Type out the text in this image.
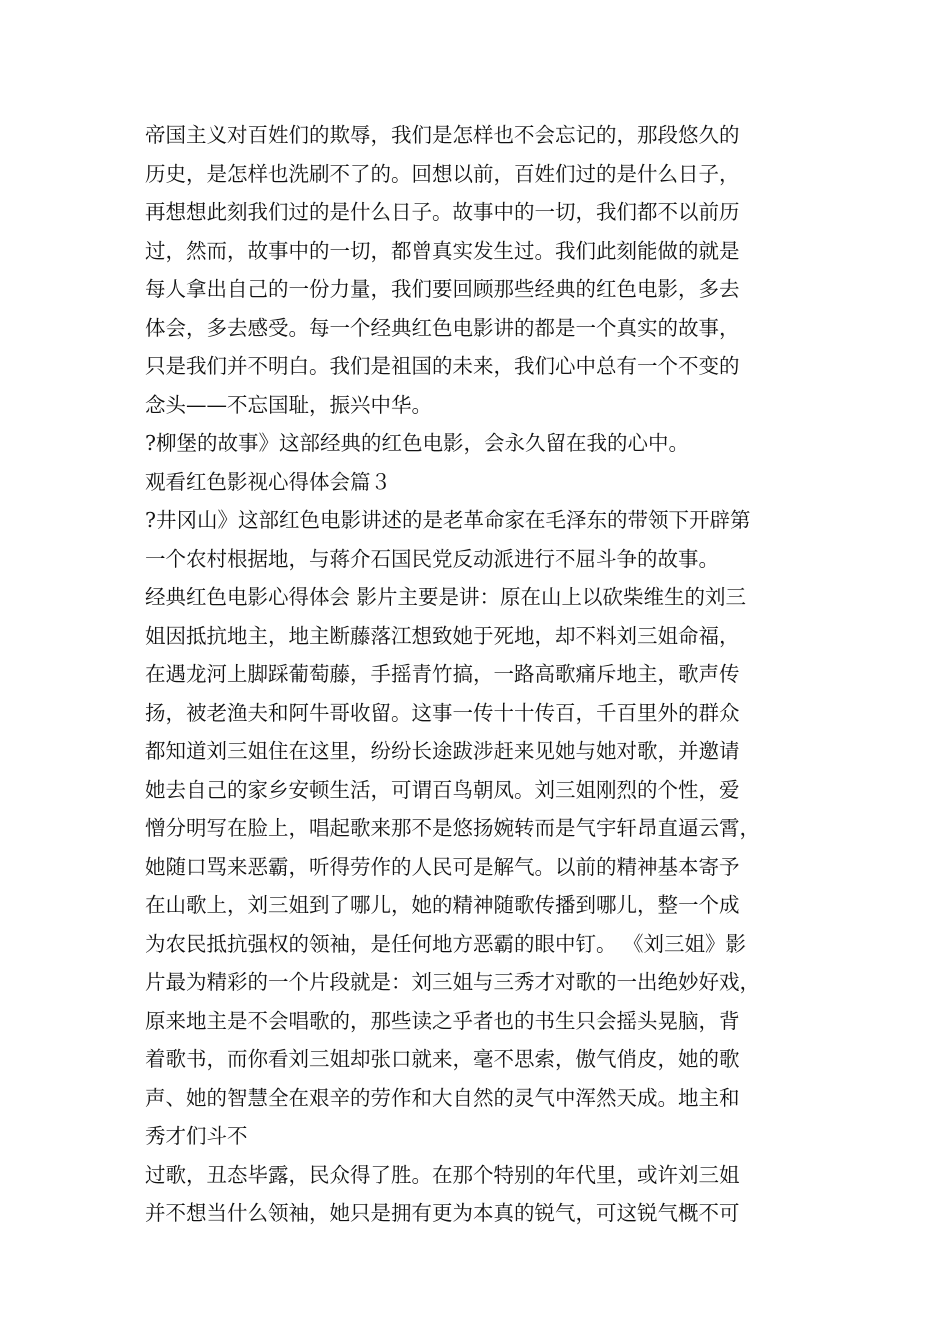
帝国主义对百姓们的欺辱，我们是怎样也不会忘记的，那段悠久的
历史，是怎样也洗刷不了的。回想以前，百姓们过的是什么日子，
再想想此刻我们过的是什么日子。故事中的一切，我们都不以前历
过，然而，故事中的一切，都曾真实发生过。我们此刻能做的就是
每人拿出自己的一份力量，我们要回顾那些经典的红色电影，多去
体会，多去感受。每一个经典红色电影讲的都是一个真实的故事，
只是我们并不明白。我们是祖国的未来，我们心中总有一个不变的
念头——不忘国耻，振兴中华。
?柳堡的故事》这部经典的红色电影，会永久留在我的心中。
观看红色影视心得体会篇３
?井冈山》这部红色电影讲述的是老革命家在毛泽东的带领下开辟第
一个农村根据地，与蒋介石国民党反动派进行不屈斗争的故事。
经典红色电影心得体会 影片主要是讲：原在山上以砍柴维生的刘三
姐因抵抗地主，地主断藤落江想致她于死地，却不料刘三姐命福，
在遇龙河上脚踩葡萄藤，手摇青竹搞，一路高歌痛斥地主，歌声传
扬，被老渔夫和阿牛哥收留。这事一传十十传百，千百里外的群众
都知道刘三姐住在这里，纷纷长途跋涉赶来见她与她对歌，并邀请
她去自己的家乡安顿生活，可谓百鸟朝凤。刘三姐刚烈的个性，爱
憎分明写在脸上，唱起歌来那不是悠扬婉转而是气宇轩昂直逼云霄，
她随口骂来恶霸，听得劳作的人民可是解气。以前的精神基本寄予
在山歌上，刘三姐到了哪儿，她的精神随歌传播到哪儿，整一个成
为农民抵抗强权的领袖，是任何地方恶霸的眼中钉。 《刘三姐》影
片最为精彩的一个片段就是：刘三姐与三秀才对歌的一出绝妙好戏，
原来地主是不会唱歌的，那些读之乎者也的书生只会摇头晃脑，背
着歌书，而你看刘三姐却张口就来，毫不思索，傲气俏皮，她的歌
声、她的智慧全在艰辛的劳作和大自然的灵气中浑然天成。地主和
秀才们斗不
过歌，丑态毕露，民众得了胜。在那个特别的年代里，或许刘三姐
并不想当什么领袖，她只是拥有更为本真的锐气，可这锐气概不可
